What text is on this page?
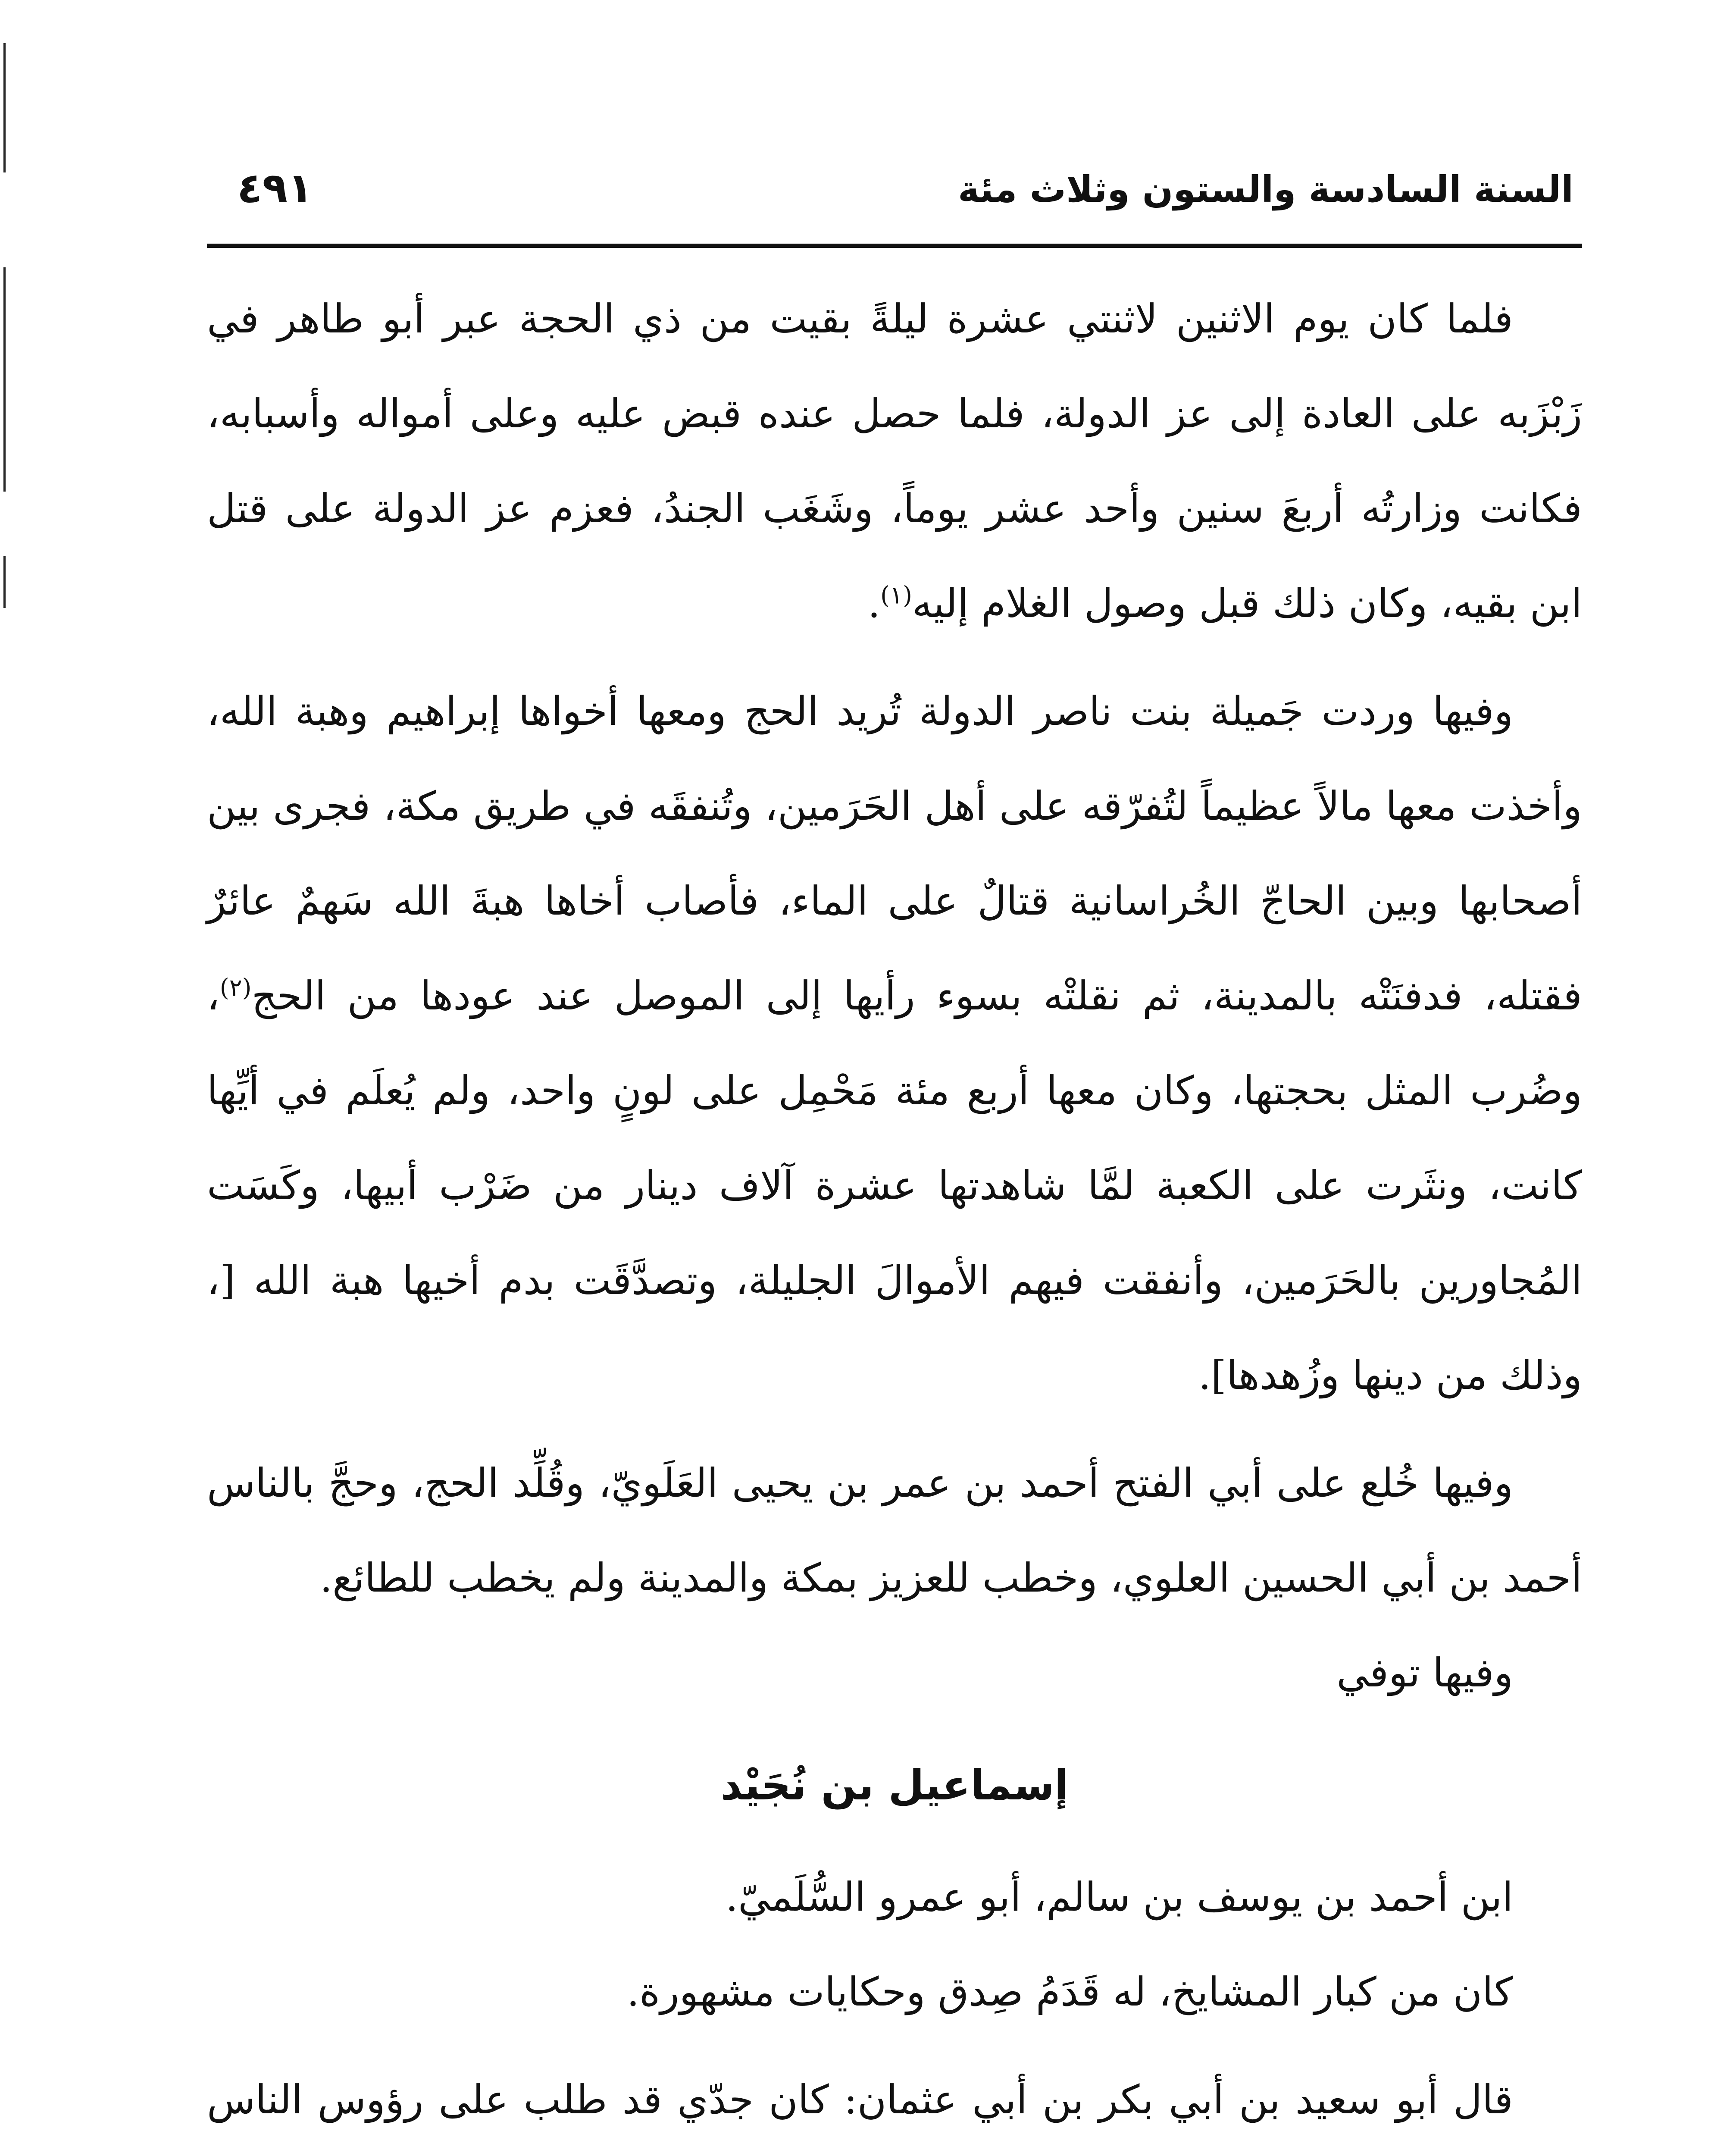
السنة السادسة والستون وثلاث مئة
٤٩١

فلما كان يوم الاثنين لاثنتي عشرة ليلةً بقيت من ذي الحجة عبر أبو طاهر في زَبْزَبه على العادة إلى عز الدولة، فلما حصل عنده قبض عليه وعلى أمواله وأسبابه، فكانت وزارتُه أربعَ سنين وأحد عشر يوماً، وشَغَب الجندُ، فعزم عز الدولة على قتل ابن بقيه، وكان ذلك قبل وصول الغلام إليه$^{(١)}$.

وفيها وردت جَميلة بنت ناصر الدولة تُريد الحج ومعها أخواها إبراهيم وهبة الله، وأخذت معها مالاً عظيماً لتُفرّقه على أهل الحَرَمين، وتُنفقَه في طريق مكة، فجرى بين أصحابها وبين الحاجّ الخُراسانية قتالٌ على الماء، فأصاب أخاها هبةَ الله سَهمٌ عائرٌ فقتله، فدفنَتْه بالمدينة، ثم نقلتْه بسوء رأيها إلى الموصل عند عودها من الحج$^{(٢)}$، وضُرب المثل بحجتها، وكان معها أربع مئة مَحْمِل على لونٍ واحد، ولم يُعلَم في أيِّها كانت، ونثَرت على الكعبة لمَّا شاهدتها عشرة آلاف دينار من ضَرْب أبيها، وكَسَت المُجاورين بالحَرَمين، وأنفقت فيهم الأموالَ الجليلة، وتصدَّقَت بدم أخيها هبة الله [، وذلك من دينها وزُهدها].

وفيها خُلع على أبي الفتح أحمد بن عمر بن يحيى العَلَويّ، وقُلِّد الحج، وحجَّ بالناس أحمد بن أبي الحسين العلوي، وخطب للعزيز بمكة والمدينة ولم يخطب للطائع.

وفيها توفي

إسماعيل بن نُجَيْد

ابن أحمد بن يوسف بن سالم، أبو عمرو السُّلَميّ.

كان من كبار المشايخ، له قَدَمُ صِدق وحكايات مشهورة.

قال أبو سعيد بن أبي بكر بن أبي عثمان: كان جدّي قد طلب على رؤوس الناس
